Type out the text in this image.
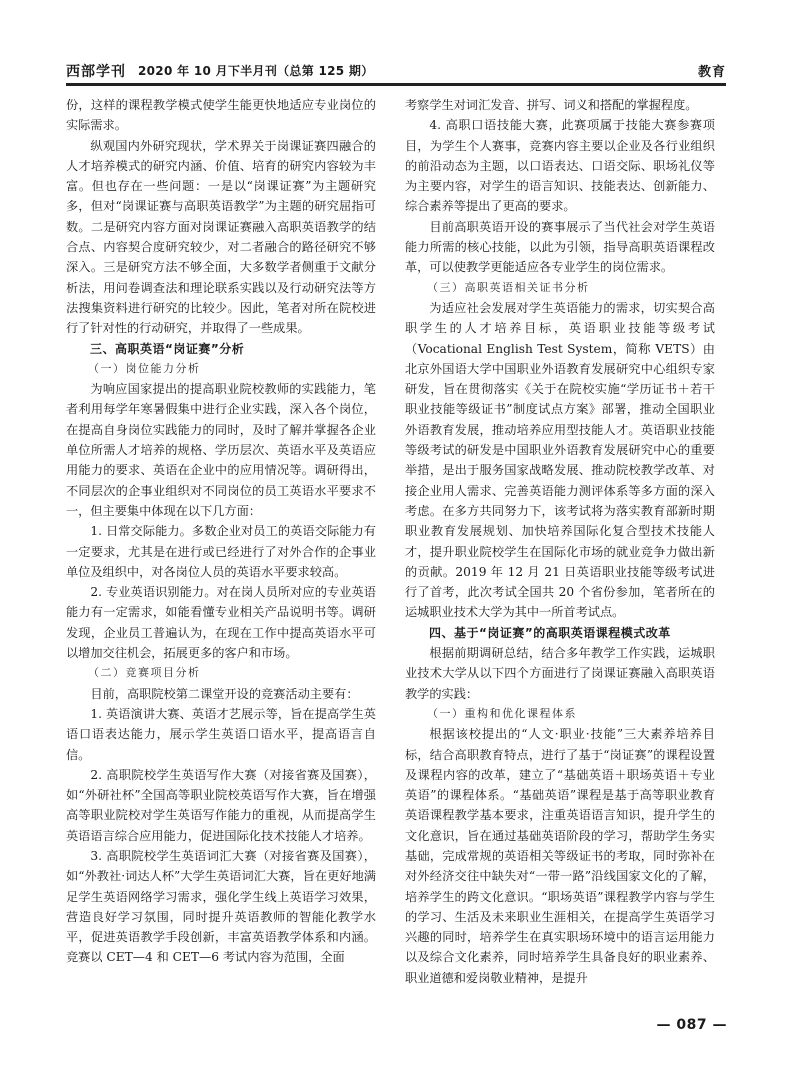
西部学刊 2020 年 10 月下半月刊（总第 125 期）	教育

份，这样的课程教学模式使学生能更快地适应专业岗位的实际需求。

纵观国内外研究现状，学术界关于岗课证赛四融合的人才培养模式的研究内涵、价值、培育的研究内容较为丰富。但也存在一些问题：一是以“岗课证赛”为主题研究多，但对“岗课证赛与高职英语教学”为主题的研究屈指可数。二是研究内容方面对岗课证赛融入高职英语教学的结合点、内容契合度研究较少，对二者融合的路径研究不够深入。三是研究方法不够全面，大多数学者侧重于文献分析法，用问卷调查法和理论联系实践以及行动研究法等方法搜集资料进行研究的比较少。因此，笔者对所在院校进行了针对性的行动研究，并取得了一些成果。

三、高职英语“岗证赛”分析

（一）岗位能力分析

为响应国家提出的提高职业院校教师的实践能力，笔者利用每学年寒暑假集中进行企业实践，深入各个岗位，在提高自身岗位实践能力的同时，及时了解并掌握各企业单位所需人才培养的规格、学历层次、英语水平及英语应用能力的要求、英语在企业中的应用情况等。调研得出，不同层次的企事业组织对不同岗位的员工英语水平要求不一，但主要集中体现在以下几方面：

1. 日常交际能力。多数企业对员工的英语交际能力有一定要求，尤其是在进行或已经进行了对外合作的企事业单位及组织中，对各岗位人员的英语水平要求较高。

2. 专业英语识别能力。对在岗人员所对应的专业英语能力有一定需求，如能看懂专业相关产品说明书等。调研发现，企业员工普遍认为，在现在工作中提高英语水平可以增加交往机会，拓展更多的客户和市场。

（二）竞赛项目分析

目前，高职院校第二课堂开设的竞赛活动主要有：

1. 英语演讲大赛、英语才艺展示等，旨在提高学生英语口语表达能力，展示学生英语口语水平，提高语言自信。

2. 高职院校学生英语写作大赛（对接省赛及国赛），如“外研社杯”全国高等职业院校英语写作大赛，旨在增强高等职业院校对学生英语写作能力的重视，从而提高学生英语语言综合应用能力，促进国际化技术技能人才培养。

3. 高职院校学生英语词汇大赛（对接省赛及国赛），如“外教社·词达人杯”大学生英语词汇大赛，旨在更好地满足学生英语网络学习需求，强化学生线上英语学习效果，营造良好学习氛围，同时提升英语教师的智能化教学水平，促进英语教学手段创新，丰富英语教学体系和内涵。竞赛以 CET—4 和 CET—6 考试内容为范围，全面

考察学生对词汇发音、拼写、词义和搭配的掌握程度。

4. 高职口语技能大赛，此赛项属于技能大赛参赛项目，为学生个人赛事，竞赛内容主要以企业及各行业组织的前沿动态为主题，以口语表达、口语交际、职场礼仪等为主要内容，对学生的语言知识、技能表达、创新能力、综合素养等提出了更高的要求。

目前高职英语开设的赛事展示了当代社会对学生英语能力所需的核心技能，以此为引领，指导高职英语课程改革，可以使教学更能适应各专业学生的岗位需求。

（三）高职英语相关证书分析

为适应社会发展对学生英语能力的需求，切实契合高职学生的人才培养目标，英语职业技能等级考试（Vocational English Test System，简称 VETS）由北京外国语大学中国职业外语教育发展研究中心组织专家研发，旨在贯彻落实《关于在院校实施“学历证书＋若干职业技能等级证书”制度试点方案》部署，推动全国职业外语教育发展，推动培养应用型技能人才。英语职业技能等级考试的研发是中国职业外语教育发展研究中心的重要举措，是出于服务国家战略发展、推动院校教学改革、对接企业用人需求、完善英语能力测评体系等多方面的深入考虑。在多方共同努力下，该考试将为落实教育部新时期职业教育发展规划、加快培养国际化复合型技术技能人才，提升职业院校学生在国际化市场的就业竞争力做出新的贡献。2019 年 12 月 21 日英语职业技能等级考试进行了首考，此次考试全国共 20 个省份参加，笔者所在的运城职业技术大学为其中一所首考试点。

四、基于“岗证赛”的高职英语课程模式改革

根据前期调研总结，结合多年教学工作实践，运城职业技术大学从以下四个方面进行了岗课证赛融入高职英语教学的实践：

（一）重构和优化课程体系

根据该校提出的“人文·职业·技能”三大素养培养目标，结合高职教育特点，进行了基于“岗证赛”的课程设置及课程内容的改革，建立了“基础英语＋职场英语＋专业英语”的课程体系。“基础英语”课程是基于高等职业教育英语课程教学基本要求，注重英语语言知识，提升学生的文化意识，旨在通过基础英语阶段的学习，帮助学生务实基础，完成常规的英语相关等级证书的考取，同时弥补在对外经济交往中缺失对“一带一路”沿线国家文化的了解，培养学生的跨文化意识。“职场英语”课程教学内容与学生的学习、生活及未来职业生涯相关，在提高学生英语学习兴趣的同时，培养学生在真实职场环境中的语言运用能力以及综合文化素养，同时培养学生具备良好的职业素养、职业道德和爱岗敬业精神，是提升

— 087 —
